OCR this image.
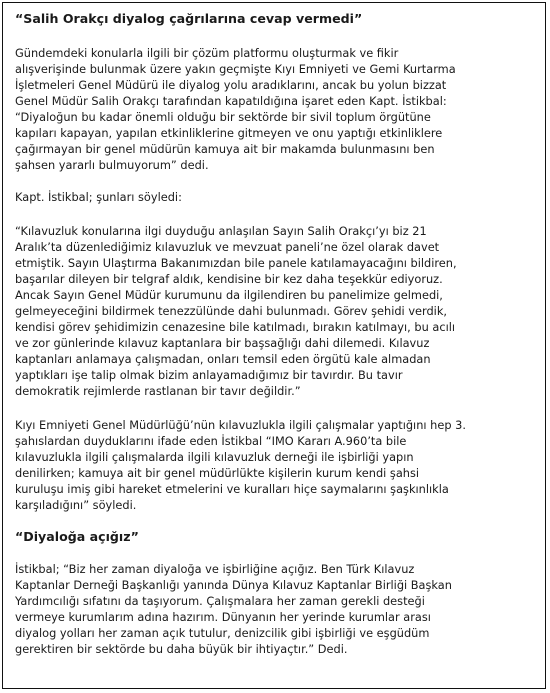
“Salih Orakçı diyalog çağrılarına cevap vermedi”
Gündemdeki konularla ilgili bir çözüm platformu oluşturmak ve fikir
alışverişinde bulunmak üzere yakın geçmişte Kıyı Emniyeti ve Gemi Kurtarma
İşletmeleri Genel Müdürü ile diyalog yolu aradıklarını, ancak bu yolun bizzat
Genel Müdür Salih Orakçı tarafından kapatıldığına işaret eden Kapt. İstikbal:
“Diyaloğun bu kadar önemli olduğu bir sektörde bir sivil toplum örgütüne
kapıları kapayan, yapılan etkinliklerine gitmeyen ve onu yaptığı etkinliklere
çağırmayan bir genel müdürün kamuya ait bir makamda bulunmasını ben
şahsen yararlı bulmuyorum” dedi.
Kapt. İstikbal; şunları söyledi:
“Kılavuzluk konularına ilgi duyduğu anlaşılan Sayın Salih Orakçı’yı biz 21
Aralık’ta düzenlediğimiz kılavuzluk ve mevzuat paneli’ne özel olarak davet
etmiştik. Sayın Ulaştırma Bakanımızdan bile panele katılamayacağını bildiren,
başarılar dileyen bir telgraf aldık, kendisine bir kez daha teşekkür ediyoruz.
Ancak Sayın Genel Müdür kurumunu da ilgilendiren bu panelimize gelmedi,
gelmeyeceğini bildirmek tenezzülünde dahi bulunmadı. Görev şehidi verdik,
kendisi görev şehidimizin cenazesine bile katılmadı, bırakın katılmayı, bu acılı
ve zor günlerinde kılavuz kaptanlara bir başsağlığı dahi dilemedi. Kılavuz
kaptanları anlamaya çalışmadan, onları temsil eden örgütü kale almadan
yaptıkları işe talip olmak bizim anlayamadığımız bir tavırdır. Bu tavır
demokratik rejimlerde rastlanan bir tavır değildir.”
Kıyı Emniyeti Genel Müdürlüğü’nün kılavuzlukla ilgili çalışmalar yaptığını hep 3.
şahıslardan duyduklarını ifade eden İstikbal “IMO Kararı A.960’ta bile
kılavuzlukla ilgili çalışmalarda ilgili kılavuzluk derneği ile işbirliği yapın
denilirken; kamuya ait bir genel müdürlükte kişilerin kurum kendi şahsi
kuruluşu imiş gibi hareket etmelerini ve kuralları hiçe saymalarını şaşkınlıkla
karşıladığını” söyledi.
“Diyaloğa açığız”
İstikbal; “Biz her zaman diyaloğa ve işbirliğine açığız. Ben Türk Kılavuz
Kaptanlar Derneği Başkanlığı yanında Dünya Kılavuz Kaptanlar Birliği Başkan
Yardımcılığı sıfatını da taşıyorum. Çalışmalara her zaman gerekli desteği
vermeye kurumlarım adına hazırım. Dünyanın her yerinde kurumlar arası
diyalog yolları her zaman açık tutulur, denizcilik gibi işbirliği ve eşgüdüm
gerektiren bir sektörde bu daha büyük bir ihtiyaçtır.” Dedi.
